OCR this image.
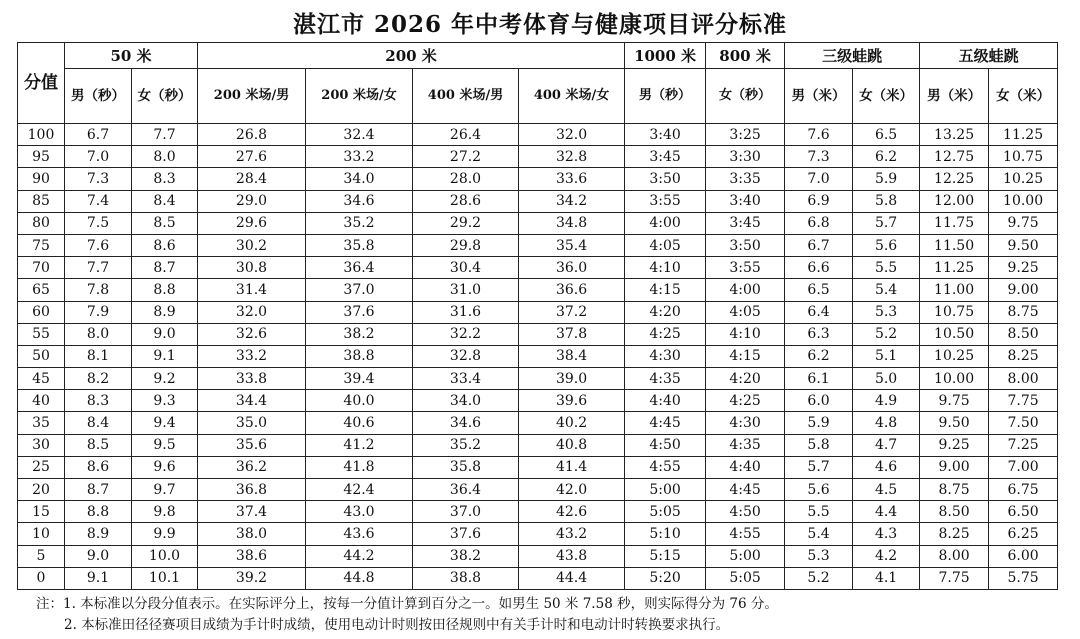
湛江市 2026 年中考体育与健康项目评分标准
分值	50 米		200 米				1000 米	800 米	三级蛙跳		五级蛙跳	
	男（秒）	女（秒）	200 米场/男	200 米场/女	400 米场/男	400 米场/女	男（秒）	女（秒）	男（米）	女（米）	男（米）	女（米）
100	6.7	7.7	26.8	32.4	26.4	32.0	3:40	3:25	7.6	6.5	13.25	11.25
95	7.0	8.0	27.6	33.2	27.2	32.8	3:45	3:30	7.3	6.2	12.75	10.75
90	7.3	8.3	28.4	34.0	28.0	33.6	3:50	3:35	7.0	5.9	12.25	10.25
85	7.4	8.4	29.0	34.6	28.6	34.2	3:55	3:40	6.9	5.8	12.00	10.00
80	7.5	8.5	29.6	35.2	29.2	34.8	4:00	3:45	6.8	5.7	11.75	9.75
75	7.6	8.6	30.2	35.8	29.8	35.4	4:05	3:50	6.7	5.6	11.50	9.50
70	7.7	8.7	30.8	36.4	30.4	36.0	4:10	3:55	6.6	5.5	11.25	9.25
65	7.8	8.8	31.4	37.0	31.0	36.6	4:15	4:00	6.5	5.4	11.00	9.00
60	7.9	8.9	32.0	37.6	31.6	37.2	4:20	4:05	6.4	5.3	10.75	8.75
55	8.0	9.0	32.6	38.2	32.2	37.8	4:25	4:10	6.3	5.2	10.50	8.50
50	8.1	9.1	33.2	38.8	32.8	38.4	4:30	4:15	6.2	5.1	10.25	8.25
45	8.2	9.2	33.8	39.4	33.4	39.0	4:35	4:20	6.1	5.0	10.00	8.00
40	8.3	9.3	34.4	40.0	34.0	39.6	4:40	4:25	6.0	4.9	9.75	7.75
35	8.4	9.4	35.0	40.6	34.6	40.2	4:45	4:30	5.9	4.8	9.50	7.50
30	8.5	9.5	35.6	41.2	35.2	40.8	4:50	4:35	5.8	4.7	9.25	7.25
25	8.6	9.6	36.2	41.8	35.8	41.4	4:55	4:40	5.7	4.6	9.00	7.00
20	8.7	9.7	36.8	42.4	36.4	42.0	5:00	4:45	5.6	4.5	8.75	6.75
15	8.8	9.8	37.4	43.0	37.0	42.6	5:05	4:50	5.5	4.4	8.50	6.50
10	8.9	9.9	38.0	43.6	37.6	43.2	5:10	4:55	5.4	4.3	8.25	6.25
5	9.0	10.0	38.6	44.2	38.2	43.8	5:15	5:00	5.3	4.2	8.00	6.00
0	9.1	10.1	39.2	44.8	38.8	44.4	5:20	5:05	5.2	4.1	7.75	5.75
注：1. 本标准以分段分值表示。在实际评分上，按每一分值计算到百分之一。如男生 50 米 7.58 秒，则实际得分为 76 分。
2. 本标准田径径赛项目成绩为手计时成绩，使用电动计时则按田径规则中有关手计时和电动计时转换要求执行。
